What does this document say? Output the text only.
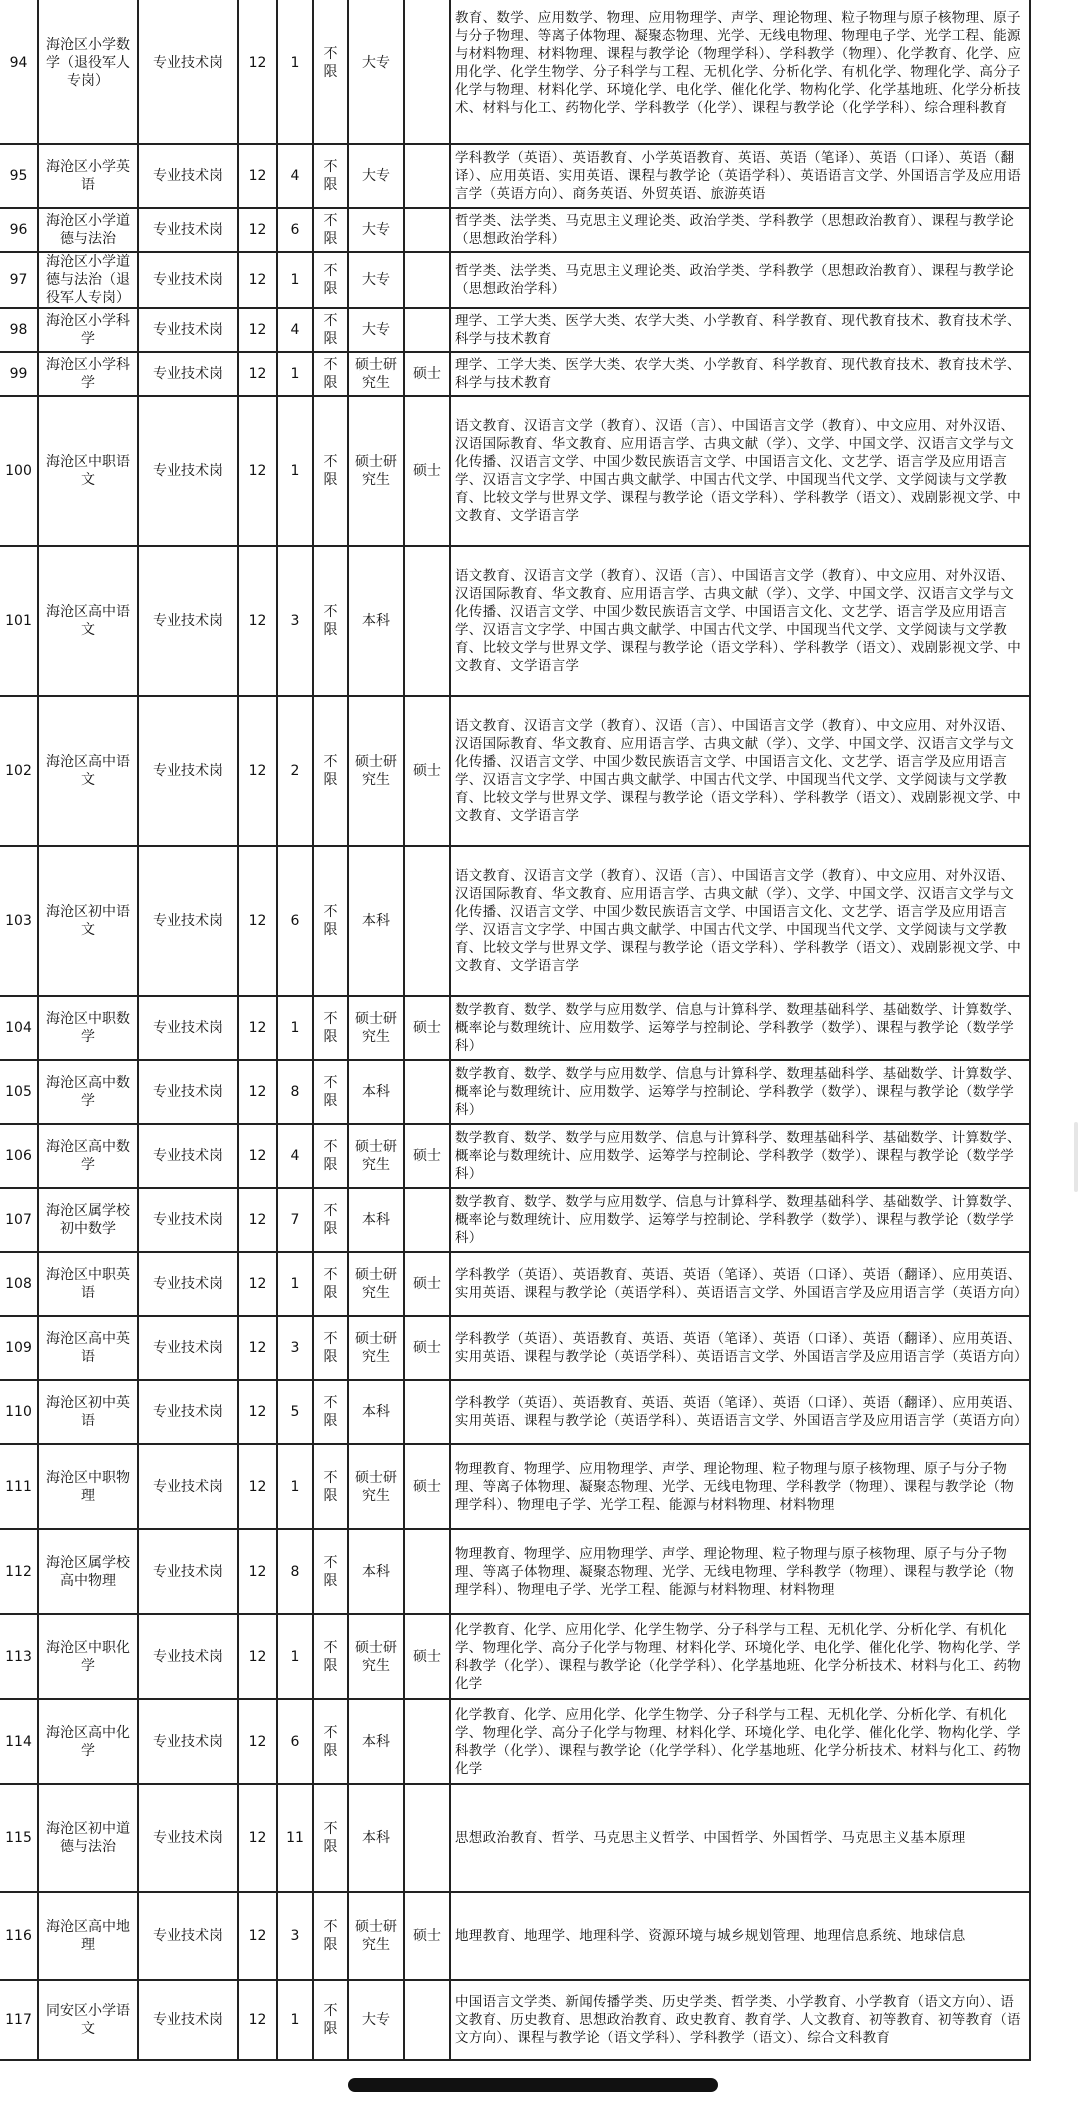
94	海沧区小学数学（退役军人专岗）	专业技术岗	12	1	不限	大专		教育、数学、应用数学、物理、应用物理学、声学、理论物理、粒子物理与原子核物理、原子与分子物理、等离子体物理、凝聚态物理、光学、无线电物理、物理电子学、光学工程、能源与材料物理、材料物理、课程与教学论（物理学科）、学科教学（物理）、化学教育、化学、应用化学、化学生物学、分子科学与工程、无机化学、分析化学、有机化学、物理化学、高分子化学与物理、材料化学、环境化学、电化学、催化化学、物构化学、化学基地班、化学分析技术、材料与化工、药物化学、学科教学（化学）、课程与教学论（化学学科）、综合理科教育
95	海沧区小学英语	专业技术岗	12	4	不限	大专		学科教学（英语）、英语教育、小学英语教育、英语、英语（笔译）、英语（口译）、英语（翻译）、应用英语、实用英语、课程与教学论（英语学科）、英语语言文学、外国语言学及应用语言学（英语方向）、商务英语、外贸英语、旅游英语
96	海沧区小学道德与法治	专业技术岗	12	6	不限	大专		哲学类、法学类、马克思主义理论类、政治学类、学科教学（思想政治教育）、课程与教学论（思想政治学科）
97	海沧区小学道德与法治（退役军人专岗）	专业技术岗	12	1	不限	大专		哲学类、法学类、马克思主义理论类、政治学类、学科教学（思想政治教育）、课程与教学论（思想政治学科）
98	海沧区小学科学	专业技术岗	12	4	不限	大专		理学、工学大类、医学大类、农学大类、小学教育、科学教育、现代教育技术、教育技术学、科学与技术教育
99	海沧区小学科学	专业技术岗	12	1	不限	硕士研究生	硕士	理学、工学大类、医学大类、农学大类、小学教育、科学教育、现代教育技术、教育技术学、科学与技术教育
100	海沧区中职语文	专业技术岗	12	1	不限	硕士研究生	硕士	语文教育、汉语言文学（教育）、汉语（言）、中国语言文学（教育）、中文应用、对外汉语、汉语国际教育、华文教育、应用语言学、古典文献（学）、文学、中国文学、汉语言文学与文化传播、汉语言文学、中国少数民族语言文学、中国语言文化、文艺学、语言学及应用语言学、汉语言文字学、中国古典文献学、中国古代文学、中国现当代文学、文学阅读与文学教育、比较文学与世界文学、课程与教学论（语文学科）、学科教学（语文）、戏剧影视文学、中文教育、文学语言学
101	海沧区高中语文	专业技术岗	12	3	不限	本科		语文教育、汉语言文学（教育）、汉语（言）、中国语言文学（教育）、中文应用、对外汉语、汉语国际教育、华文教育、应用语言学、古典文献（学）、文学、中国文学、汉语言文学与文化传播、汉语言文学、中国少数民族语言文学、中国语言文化、文艺学、语言学及应用语言学、汉语言文字学、中国古典文献学、中国古代文学、中国现当代文学、文学阅读与文学教育、比较文学与世界文学、课程与教学论（语文学科）、学科教学（语文）、戏剧影视文学、中文教育、文学语言学
102	海沧区高中语文	专业技术岗	12	2	不限	硕士研究生	硕士	语文教育、汉语言文学（教育）、汉语（言）、中国语言文学（教育）、中文应用、对外汉语、汉语国际教育、华文教育、应用语言学、古典文献（学）、文学、中国文学、汉语言文学与文化传播、汉语言文学、中国少数民族语言文学、中国语言文化、文艺学、语言学及应用语言学、汉语言文字学、中国古典文献学、中国古代文学、中国现当代文学、文学阅读与文学教育、比较文学与世界文学、课程与教学论（语文学科）、学科教学（语文）、戏剧影视文学、中文教育、文学语言学
103	海沧区初中语文	专业技术岗	12	6	不限	本科		语文教育、汉语言文学（教育）、汉语（言）、中国语言文学（教育）、中文应用、对外汉语、汉语国际教育、华文教育、应用语言学、古典文献（学）、文学、中国文学、汉语言文学与文化传播、汉语言文学、中国少数民族语言文学、中国语言文化、文艺学、语言学及应用语言学、汉语言文字学、中国古典文献学、中国古代文学、中国现当代文学、文学阅读与文学教育、比较文学与世界文学、课程与教学论（语文学科）、学科教学（语文）、戏剧影视文学、中文教育、文学语言学
104	海沧区中职数学	专业技术岗	12	1	不限	硕士研究生	硕士	数学教育、数学、数学与应用数学、信息与计算科学、数理基础科学、基础数学、计算数学、概率论与数理统计、应用数学、运筹学与控制论、学科教学（数学）、课程与教学论（数学学科）
105	海沧区高中数学	专业技术岗	12	8	不限	本科		数学教育、数学、数学与应用数学、信息与计算科学、数理基础科学、基础数学、计算数学、概率论与数理统计、应用数学、运筹学与控制论、学科教学（数学）、课程与教学论（数学学科）
106	海沧区高中数学	专业技术岗	12	4	不限	硕士研究生	硕士	数学教育、数学、数学与应用数学、信息与计算科学、数理基础科学、基础数学、计算数学、概率论与数理统计、应用数学、运筹学与控制论、学科教学（数学）、课程与教学论（数学学科）
107	海沧区属学校初中数学	专业技术岗	12	7	不限	本科		数学教育、数学、数学与应用数学、信息与计算科学、数理基础科学、基础数学、计算数学、概率论与数理统计、应用数学、运筹学与控制论、学科教学（数学）、课程与教学论（数学学科）
108	海沧区中职英语	专业技术岗	12	1	不限	硕士研究生	硕士	学科教学（英语）、英语教育、英语、英语（笔译）、英语（口译）、英语（翻译）、应用英语、实用英语、课程与教学论（英语学科）、英语语言文学、外国语言学及应用语言学（英语方向）
109	海沧区高中英语	专业技术岗	12	3	不限	硕士研究生	硕士	学科教学（英语）、英语教育、英语、英语（笔译）、英语（口译）、英语（翻译）、应用英语、实用英语、课程与教学论（英语学科）、英语语言文学、外国语言学及应用语言学（英语方向）
110	海沧区初中英语	专业技术岗	12	5	不限	本科		学科教学（英语）、英语教育、英语、英语（笔译）、英语（口译）、英语（翻译）、应用英语、实用英语、课程与教学论（英语学科）、英语语言文学、外国语言学及应用语言学（英语方向）
111	海沧区中职物理	专业技术岗	12	1	不限	硕士研究生	硕士	物理教育、物理学、应用物理学、声学、理论物理、粒子物理与原子核物理、原子与分子物理、等离子体物理、凝聚态物理、光学、无线电物理、学科教学（物理）、课程与教学论（物理学科）、物理电子学、光学工程、能源与材料物理、材料物理
112	海沧区属学校高中物理	专业技术岗	12	8	不限	本科		物理教育、物理学、应用物理学、声学、理论物理、粒子物理与原子核物理、原子与分子物理、等离子体物理、凝聚态物理、光学、无线电物理、学科教学（物理）、课程与教学论（物理学科）、物理电子学、光学工程、能源与材料物理、材料物理
113	海沧区中职化学	专业技术岗	12	1	不限	硕士研究生	硕士	化学教育、化学、应用化学、化学生物学、分子科学与工程、无机化学、分析化学、有机化学、物理化学、高分子化学与物理、材料化学、环境化学、电化学、催化化学、物构化学、学科教学（化学）、课程与教学论（化学学科）、化学基地班、化学分析技术、材料与化工、药物化学
114	海沧区高中化学	专业技术岗	12	6	不限	本科		化学教育、化学、应用化学、化学生物学、分子科学与工程、无机化学、分析化学、有机化学、物理化学、高分子化学与物理、材料化学、环境化学、电化学、催化化学、物构化学、学科教学（化学）、课程与教学论（化学学科）、化学基地班、化学分析技术、材料与化工、药物化学
115	海沧区初中道德与法治	专业技术岗	12	11	不限	本科		思想政治教育、哲学、马克思主义哲学、中国哲学、外国哲学、马克思主义基本原理
116	海沧区高中地理	专业技术岗	12	3	不限	硕士研究生	硕士	地理教育、地理学、地理科学、资源环境与城乡规划管理、地理信息系统、地球信息
117	同安区小学语文	专业技术岗	12	1	不限	大专		中国语言文学类、新闻传播学类、历史学类、哲学类、小学教育、小学教育（语文方向）、语文教育、历史教育、思想政治教育、政史教育、教育学、人文教育、初等教育、初等教育（语文方向）、课程与教学论（语文学科）、学科教学（语文）、综合文科教育
